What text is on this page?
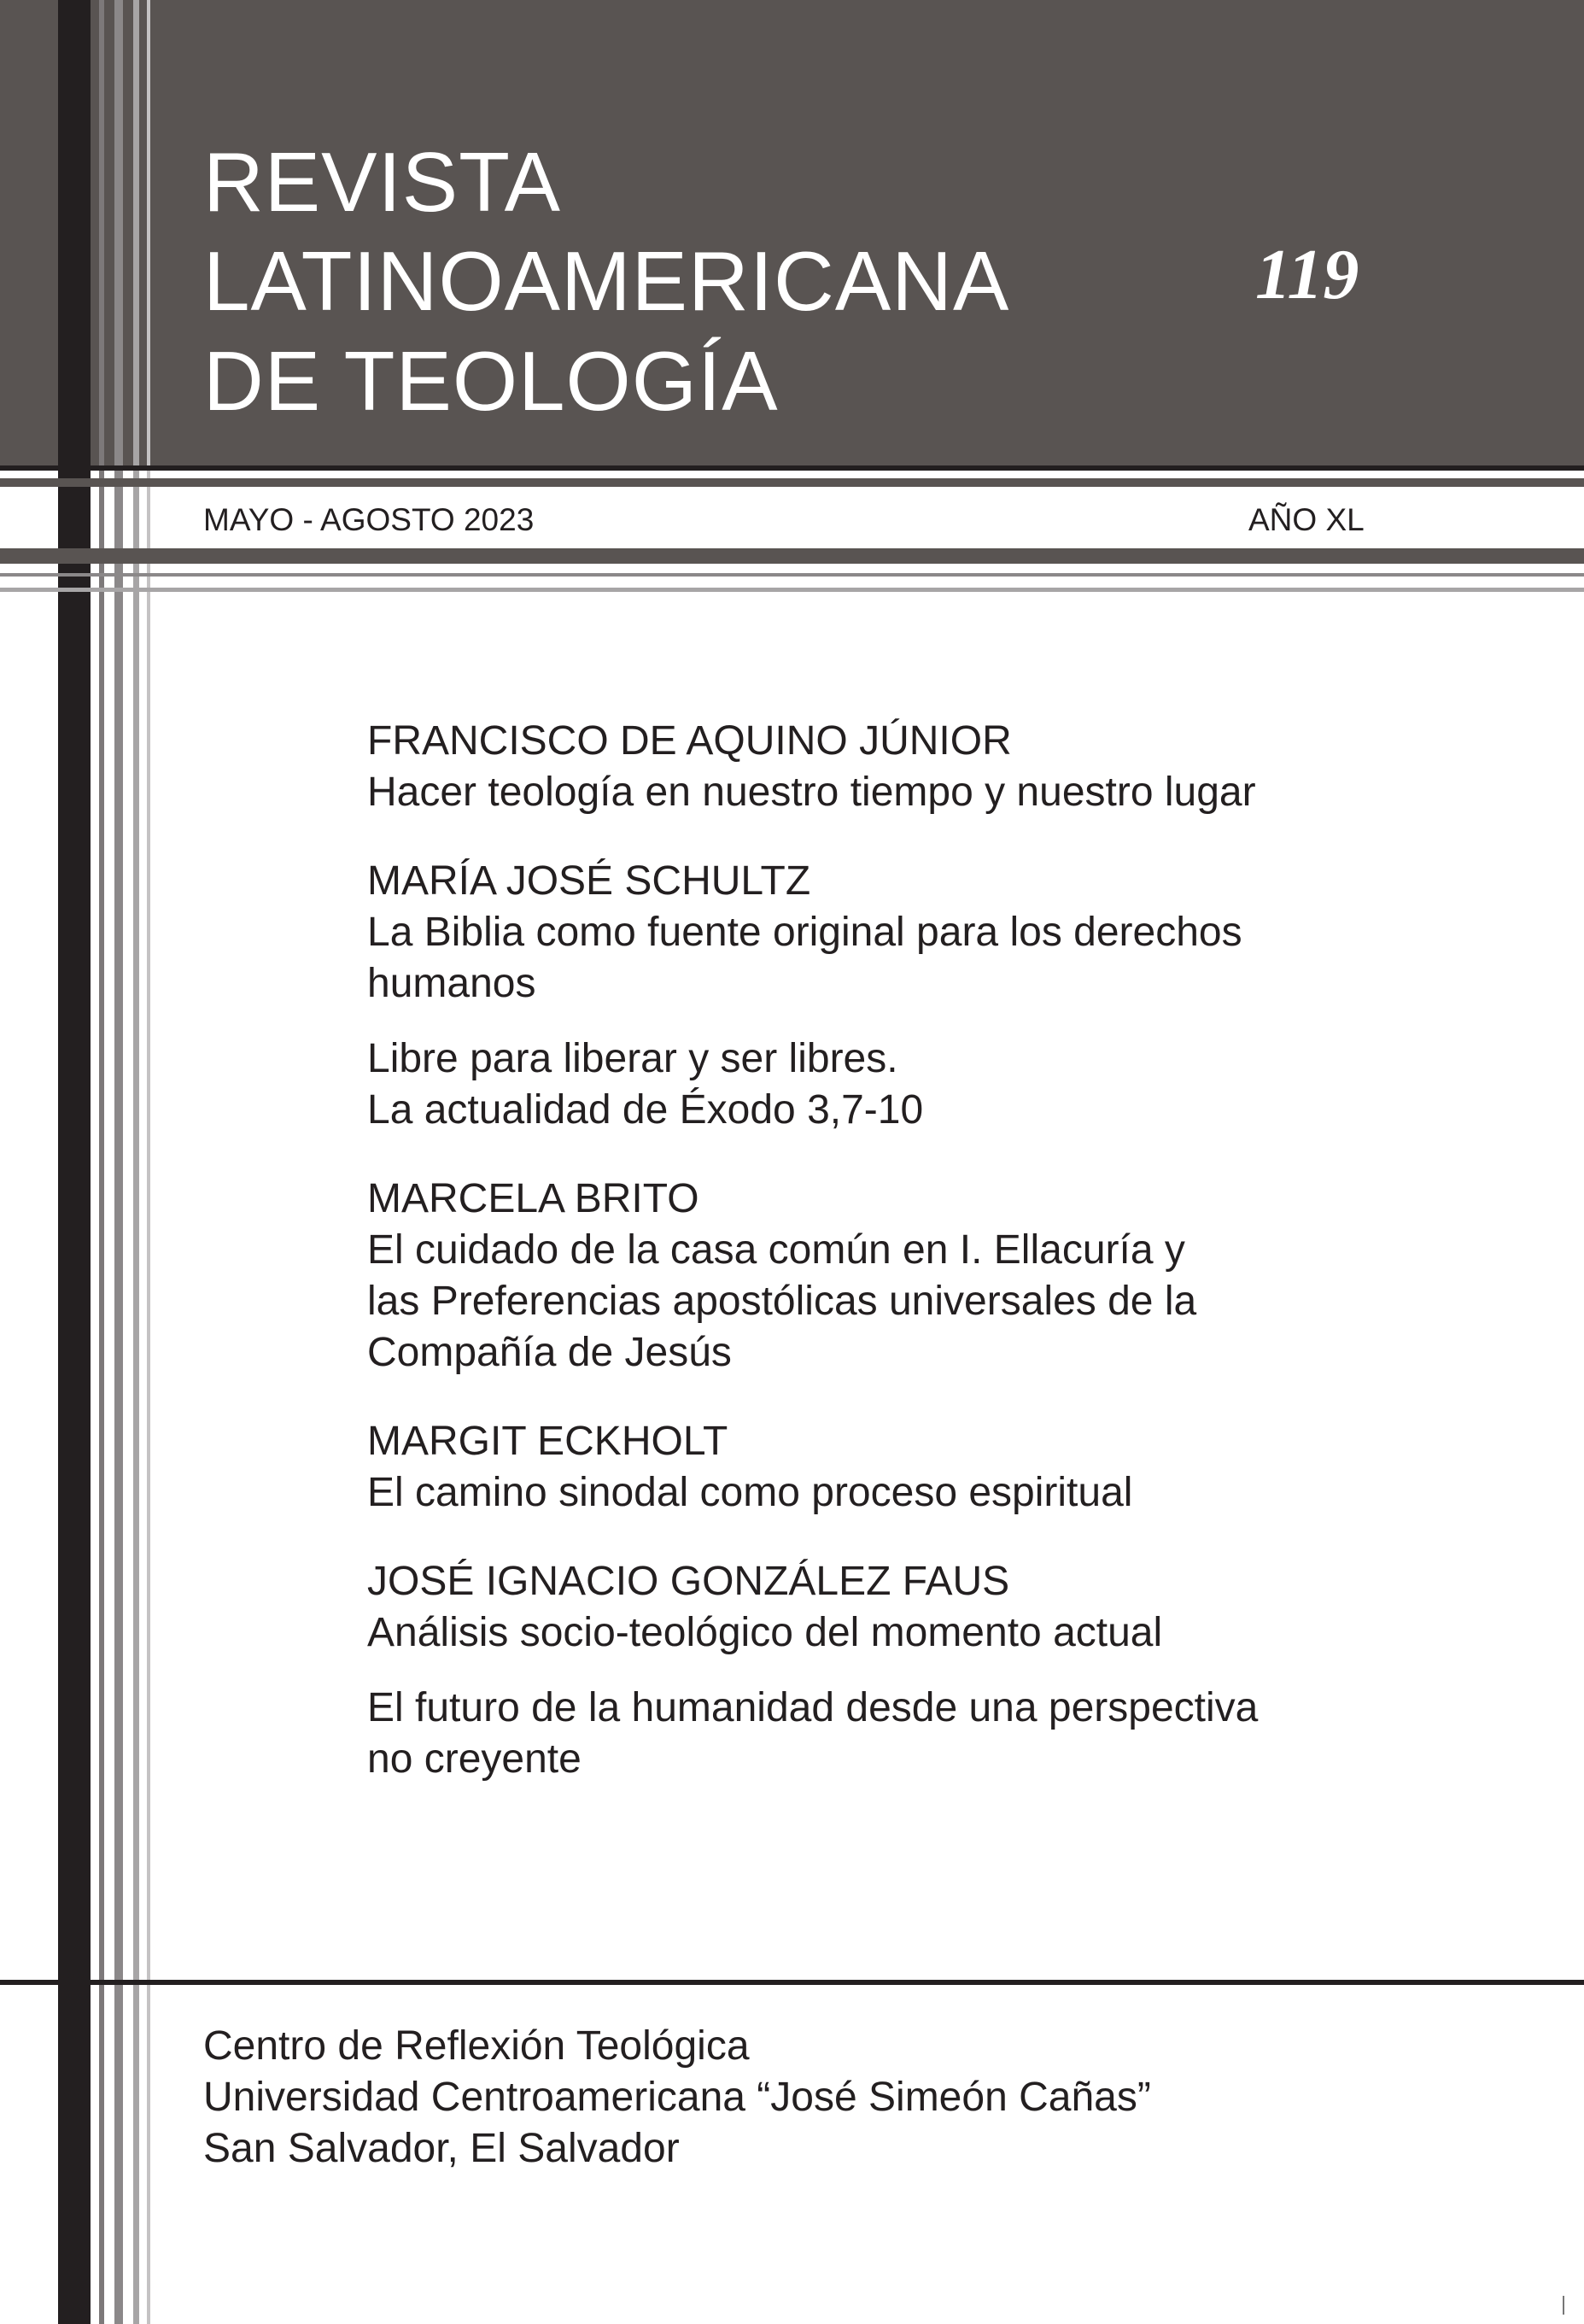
REVISTA
LATINOAMERICANA
DE TEOLOGÍA
119
MAYO - AGOSTO 2023	AÑO XL
FRANCISCO DE AQUINO JÚNIOR
Hacer teología en nuestro tiempo y nuestro lugar
MARÍA JOSÉ SCHULTZ
La Biblia como fuente original para los derechos
humanos
Libre para liberar y ser libres.
La actualidad de Éxodo 3,7-10
MARCELA BRITO
El cuidado de la casa común en I. Ellacuría y
las Preferencias apostólicas universales de la
Compañía de Jesús
MARGIT ECKHOLT
El camino sinodal como proceso espiritual
JOSÉ IGNACIO GONZÁLEZ FAUS
Análisis socio-teológico del momento actual
El futuro de la humanidad desde una perspectiva
no creyente
Centro de Reflexión Teológica
Universidad Centroamericana “José Simeón Cañas”
San Salvador, El Salvador
